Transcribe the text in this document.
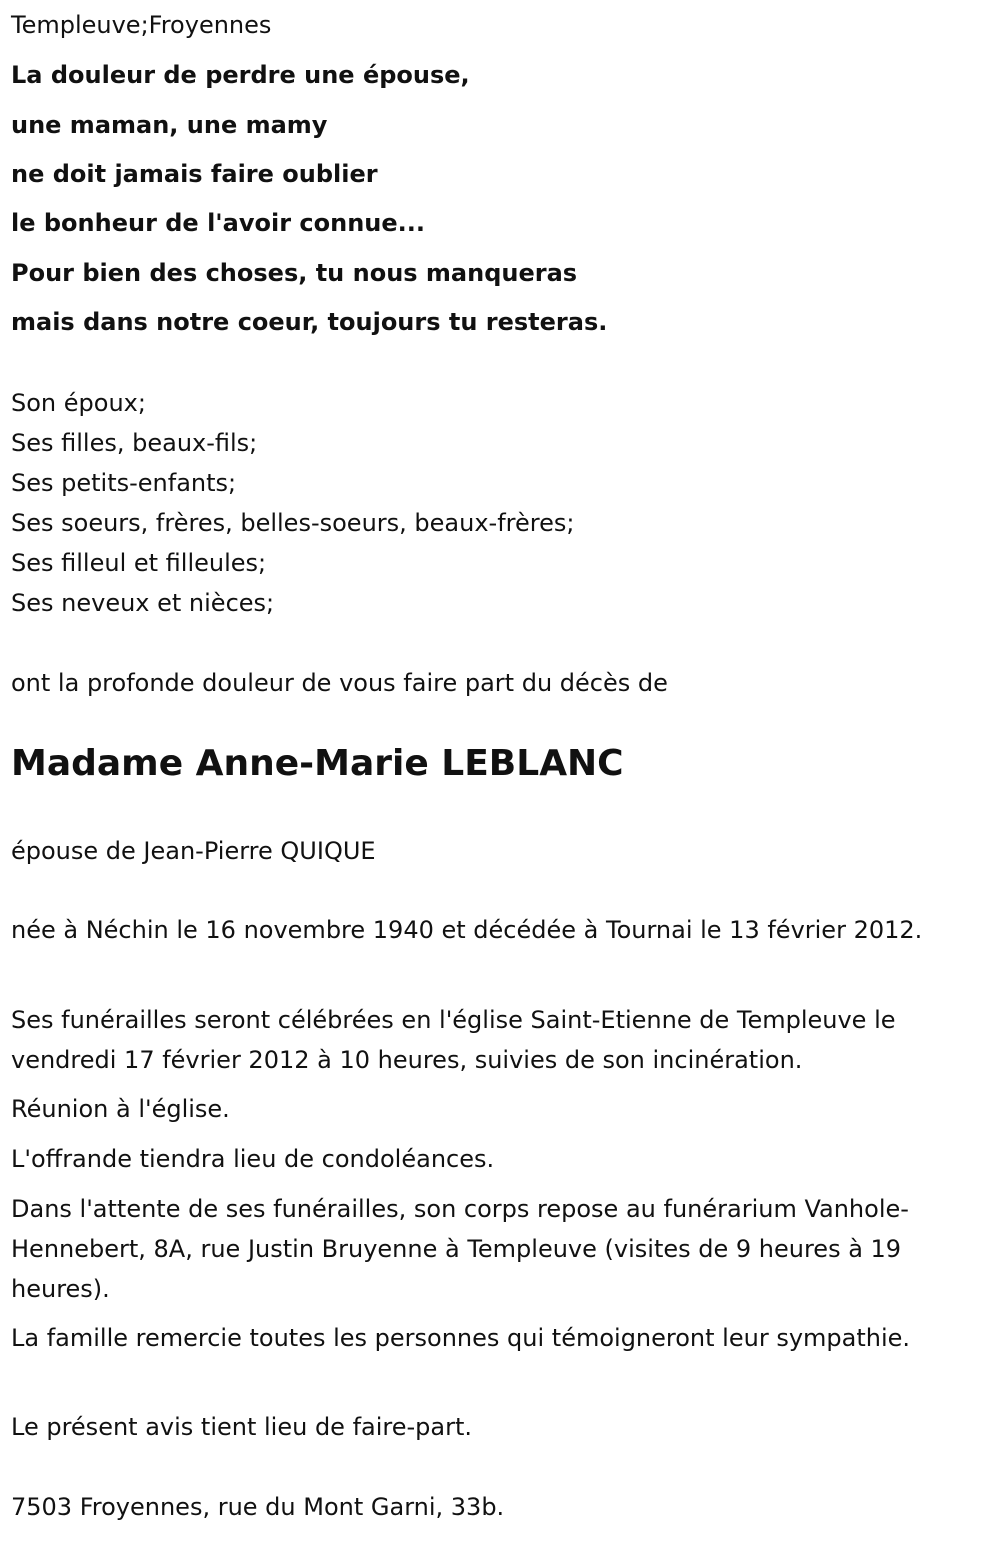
Templeuve;Froyennes
La douleur de perdre une épouse,
une maman, une mamy
ne doit jamais faire oublier
le bonheur de l'avoir connue...
Pour bien des choses, tu nous manqueras
mais dans notre coeur, toujours tu resteras.
Son époux;
Ses filles, beaux-fils;
Ses petits-enfants;
Ses soeurs, frères, belles-soeurs, beaux-frères;
Ses filleul et filleules;
Ses neveux et nièces;
ont la profonde douleur de vous faire part du décès de
Madame Anne-Marie LEBLANC
épouse de Jean-Pierre QUIQUE
née à Néchin le 16 novembre 1940 et décédée à Tournai le 13 février 2012.
Ses funérailles seront célébrées en l'église Saint-Etienne de Templeuve le vendredi 17 février 2012 à 10 heures, suivies de son incinération.
Réunion à l'église.
L'offrande tiendra lieu de condoléances.
Dans l'attente de ses funérailles, son corps repose au funérarium Vanhole-Hennebert, 8A, rue Justin Bruyenne à Templeuve (visites de 9 heures à 19 heures).
La famille remercie toutes les personnes qui témoigneront leur sympathie.
Le présent avis tient lieu de faire-part.
7503 Froyennes, rue du Mont Garni, 33b.
